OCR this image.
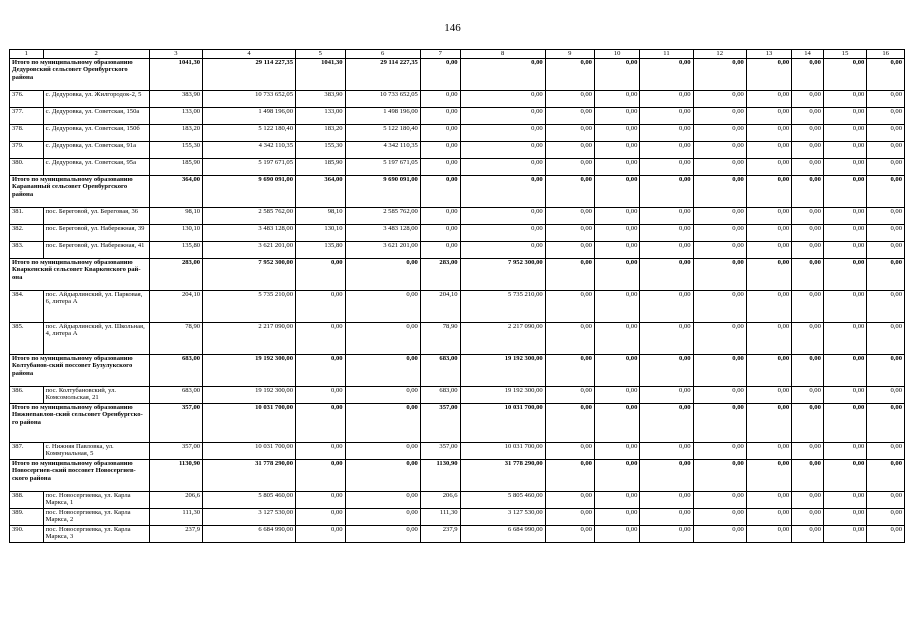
146
1	2	3	4	5	6	7	8	9	10	11	12	13	14	15	16
Итого по муниципальному образованию Дедуровский сельсовет Оренбургского района		1041,30	29 114 227,35	1041,30	29 114 227,35	0,00	0,00	0,00	0,00	0,00	0,00	0,00	0,00	0,00	0,00
376.	с. Дедуровка, ул. Жилгородок-2, 5	383,90	10 733 652,05	383,90	10 733 652,05	0,00	0,00	0,00	0,00	0,00	0,00	0,00	0,00	0,00	0,00
377.	с. Дедуровка, ул. Советская, 150а	133,00	1 498 196,00	133,00	1 498 196,00	0,00	0,00	0,00	0,00	0,00	0,00	0,00	0,00	0,00	0,00
378.	с. Дедуровка, ул. Советская, 150б	183,20	5 122 180,40	183,20	5 122 180,40	0,00	0,00	0,00	0,00	0,00	0,00	0,00	0,00	0,00	0,00
379.	с. Дедуровка, ул. Советская, 91а	155,30	4 342 110,35	155,30	4 342 110,35	0,00	0,00	0,00	0,00	0,00	0,00	0,00	0,00	0,00	0,00
380.	с. Дедуровка, ул. Советская, 95а	185,90	5 197 671,05	185,90	5 197 671,05	0,00	0,00	0,00	0,00	0,00	0,00	0,00	0,00	0,00	0,00
Итого по муниципальному образованию Караванный сельсовет Оренбургского района		364,00	9 690 091,00	364,00	9 690 091,00	0,00	0,00	0,00	0,00	0,00	0,00	0,00	0,00	0,00	0,00
381.	пос. Береговой, ул. Береговая, 36	98,10	2 585 762,00	98,10	2 585 762,00	0,00	0,00	0,00	0,00	0,00	0,00	0,00	0,00	0,00	0,00
382.	пос. Береговой, ул. Набережная, 39	130,10	3 483 128,00	130,10	3 483 128,00	0,00	0,00	0,00	0,00	0,00	0,00	0,00	0,00	0,00	0,00
383.	пос. Береговой, ул. Набережная, 41	135,80	3 621 201,00	135,80	3 621 201,00	0,00	0,00	0,00	0,00	0,00	0,00	0,00	0,00	0,00	0,00
Итого по муниципальному образованию Кваркенский сельсовет Кваркенского рай-она		283,00	7 952 300,00	0,00	0,00	283,00	7 952 300,00	0,00	0,00	0,00	0,00	0,00	0,00	0,00	0,00
384.	пос. Айдырлинский, ул. Парковая, 6, литера А	204,10	5 735 210,00	0,00	0,00	204,10	5 735 210,00	0,00	0,00	0,00	0,00	0,00	0,00	0,00	0,00
385.	пос. Айдырлинский, ул. Школьная, 4, литера А	78,90	2 217 090,00	0,00	0,00	78,90	2 217 090,00	0,00	0,00	0,00	0,00	0,00	0,00	0,00	0,00
Итого по муниципальному образованию Колтубанов-ский поссовет Бузулукского района		683,00	19 192 300,00	0,00	0,00	683,00	19 192 300,00	0,00	0,00	0,00	0,00	0,00	0,00	0,00	0,00
386.	пос. Колтубановский, ул. Комсомольская, 21	683,00	19 192 300,00	0,00	0,00	683,00	19 192 300,00	0,00	0,00	0,00	0,00	0,00	0,00	0,00	0,00
Итого по муниципальному образованию Нижнепавлов-ский сельсовет Оренбургско-го района		357,00	10 031 700,00	0,00	0,00	357,00	10 031 700,00	0,00	0,00	0,00	0,00	0,00	0,00	0,00	0,00
387.	с. Нижняя Павловка, ул. Коммунальная, 5	357,00	10 031 700,00	0,00	0,00	357,00	10 031 700,00	0,00	0,00	0,00	0,00	0,00	0,00	0,00	0,00
Итого по муниципальному образованию Новосергиев-ский поссовет Новосергиев-ского района		1130,90	31 778 290,00	0,00	0,00	1130,90	31 778 290,00	0,00	0,00	0,00	0,00	0,00	0,00	0,00	0,00
388.	пос. Новосергиевка, ул. Карла Маркса, 1	206,6	5 805 460,00	0,00	0,00	206,6	5 805 460,00	0,00	0,00	0,00	0,00	0,00	0,00	0,00	0,00
389.	пос. Новосергиевка, ул. Карла Маркса, 2	111,30	3 127 530,00	0,00	0,00	111,30	3 127 530,00	0,00	0,00	0,00	0,00	0,00	0,00	0,00	0,00
390.	пос. Новосергиевка, ул. Карла Маркса, 3	237,9	6 684 990,00	0,00	0,00	237,9	6 684 990,00	0,00	0,00	0,00	0,00	0,00	0,00	0,00	0,00
